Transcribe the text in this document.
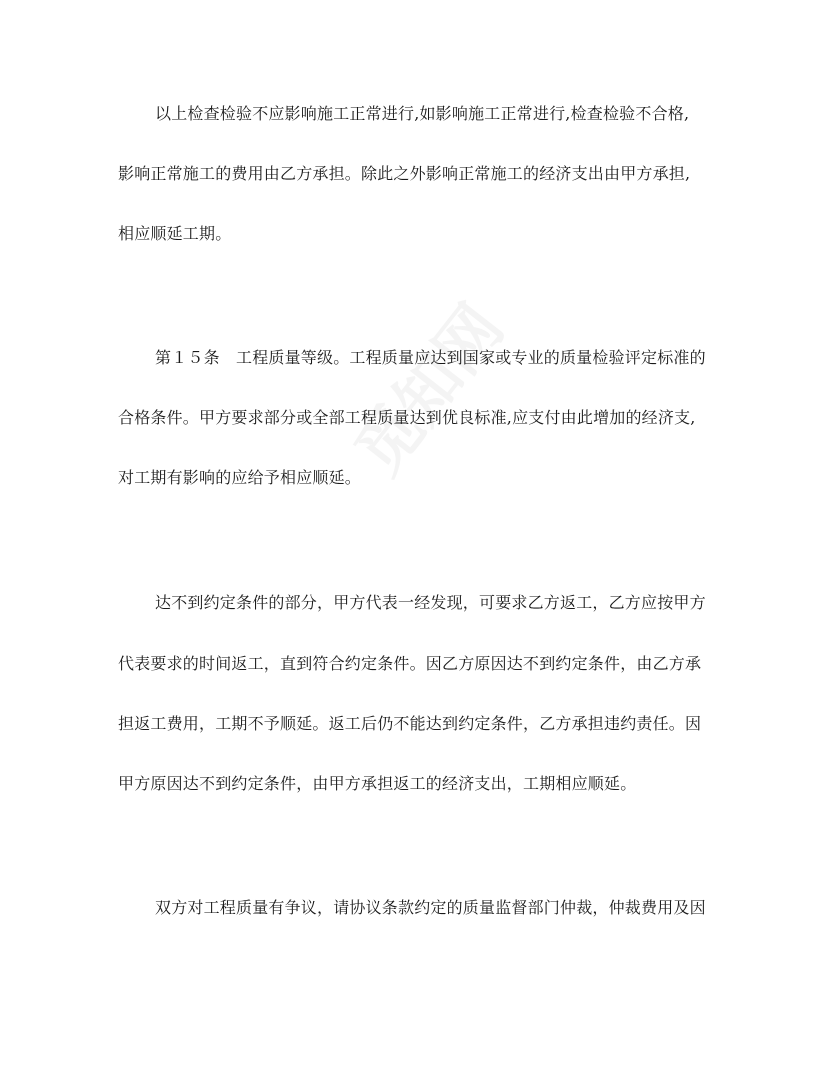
以上检查检验不应影响施工正常进行,如影响施工正常进行,检查检验不合格,
影响正常施工的费用由乙方承担。除此之外影响正常施工的经济支出由甲方承担,
相应顺延工期。
第１５条　工程质量等级。工程质量应达到国家或专业的质量检验评定标准的
合格条件。甲方要求部分或全部工程质量达到优良标准,应支付由此增加的经济支,
对工期有影响的应给予相应顺延。
达不到约定条件的部分，甲方代表一经发现，可要求乙方返工，乙方应按甲方
代表要求的时间返工，直到符合约定条件。因乙方原因达不到约定条件，由乙方承
担返工费用，工期不予顺延。返工后仍不能达到约定条件，乙方承担违约责任。因
甲方原因达不到约定条件，由甲方承担返工的经济支出，工期相应顺延。
双方对工程质量有争议，请协议条款约定的质量监督部门仲裁，仲裁费用及因
